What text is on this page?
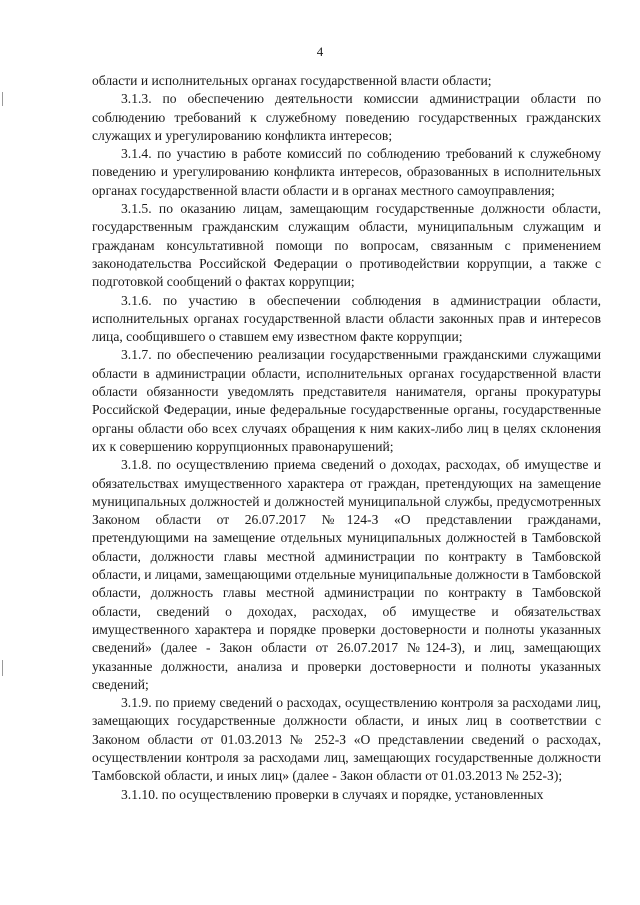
4

области и исполнительных органах государственной власти области;

3.1.3. по обеспечению деятельности комиссии администрации области по соблюдению требований к служебному поведению государственных гражданских служащих и урегулированию конфликта интересов;

3.1.4. по участию в работе комиссий по соблюдению требований к служебному поведению и урегулированию конфликта интересов, образованных в исполнительных органах государственной власти области и в органах местного самоуправления;

3.1.5. по оказанию лицам, замещающим государственные должности области, государственным гражданским служащим области, муниципальным служащим и гражданам консультативной помощи по вопросам, связанным с применением законодательства Российской Федерации о противодействии коррупции, а также с подготовкой сообщений о фактах коррупции;

3.1.6. по участию в обеспечении соблюдения в администрации области, исполнительных органах государственной власти области законных прав и интересов лица, сообщившего о ставшем ему известном факте коррупции;

3.1.7. по обеспечению реализации государственными гражданскими служащими области в администрации области, исполнительных органах государственной власти области обязанности уведомлять представителя нанимателя, органы прокуратуры Российской Федерации, иные федеральные государственные органы, государственные органы области обо всех случаях обращения к ним каких-либо лиц в целях склонения их к совершению коррупционных правонарушений;

3.1.8. по осуществлению приема сведений о доходах, расходах, об имуществе и обязательствах имущественного характера от граждан, претендующих на замещение муниципальных должностей и должностей муниципальной службы, предусмотренных Законом области от 26.07.2017 №124-З «О представлении гражданами, претендующими на замещение отдельных муниципальных должностей в Тамбовской области, должности главы местной администрации по контракту в Тамбовской области, и лицами, замещающими отдельные муниципальные должности в Тамбовской области, должность главы местной администрации по контракту в Тамбовской области, сведений о доходах, расходах, об имуществе и обязательствах имущественного характера и порядке проверки достоверности и полноты указанных сведений» (далее - Закон области от 26.07.2017 №124-З), и лиц, замещающих указанные должности, анализа и проверки достоверности и полноты указанных сведений;

3.1.9. по приему сведений о расходах, осуществлению контроля за расходами лиц, замещающих государственные должности области, и иных лиц в соответствии с Законом области от 01.03.2013 № 252-З «О представлении сведений о расходах, осуществлении контроля за расходами лиц, замещающих государственные должности Тамбовской области, и иных лиц» (далее - Закон области от 01.03.2013 № 252-З);

3.1.10. по осуществлению проверки в случаях и порядке, установленных
